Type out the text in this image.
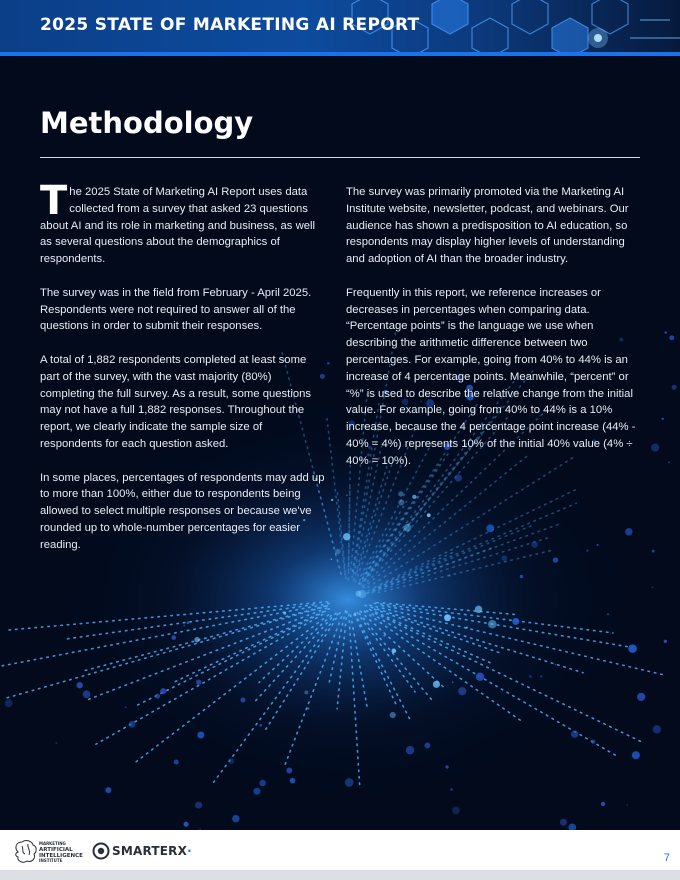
2025 STATE OF MARKETING AI REPORT
Methodology

The 2025 State of Marketing AI Report uses data collected from a survey that asked 23 questions about AI and its role in marketing and business, as well as several questions about the demographics of respondents.

The survey was in the field from February - April 2025. Respondents were not required to answer all of the questions in order to submit their responses.

A total of 1,882 respondents completed at least some part of the survey, with the vast majority (80%) completing the full survey. As a result, some questions may not have a full 1,882 responses. Throughout the report, we clearly indicate the sample size of respondents for each question asked.

In some places, percentages of respondents may add up to more than 100%, either due to respondents being allowed to select multiple responses or because we've rounded up to whole-number percentages for easier reading.

The survey was primarily promoted via the Marketing AI Institute website, newsletter, podcast, and webinars. Our audience has shown a predisposition to AI education, so respondents may display higher levels of understanding and adoption of AI than the broader industry.

Frequently in this report, we reference increases or decreases in percentages when comparing data. “Percentage points” is the language we use when describing the arithmetic difference between two percentages. For example, going from 40% to 44% is an increase of 4 percentage points. Meanwhile, “percent” or “%” is used to describe the relative change from the initial value. For example, going from 40% to 44% is a 10% increase, because the 4 percentage point increase (44% - 40% = 4%) represents 10% of the initial 40% value (4% ÷ 40% = 10%).

MARKETING
ARTIFICIAL
INTELLIGENCE
INSTITUTE
SMARTERX·	7
